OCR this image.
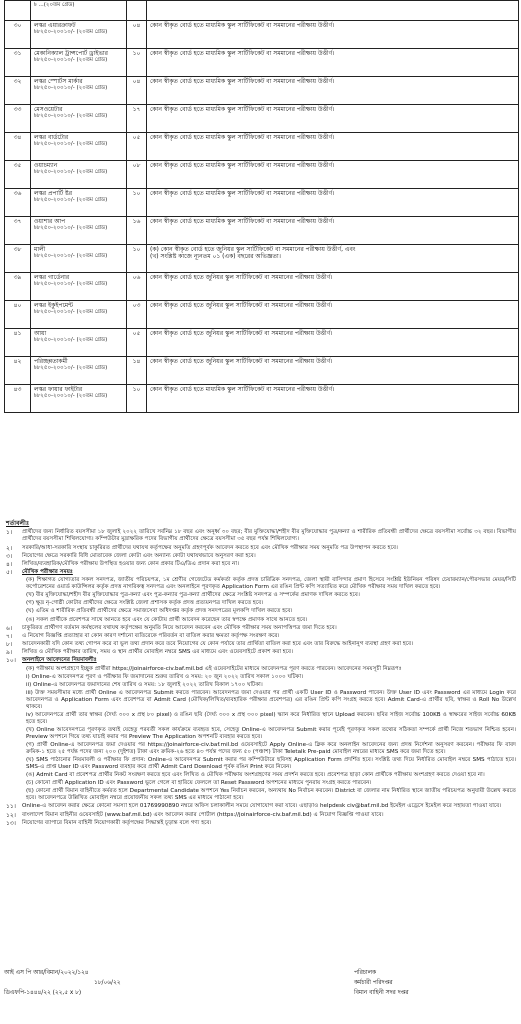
	৳ ...(২০তম গ্রেড)		

৩০	লস্কর এয়ারক্রাফট
৳৮২৫০-২০০১০/- (২০তম গ্রেড)	০৪	কোন স্বীকৃত বোর্ড হতে মাধ্যমিক স্কুল সার্টিফিকেট বা সমমানের পরীক্ষায় উত্তীর্ণ।

৩১	মেকানিক্যাল ট্রান্সপোর্ট ড্রাইভার
৳৮২৫০-২০০১০/- (২০তম গ্রেড)	১০	কোন স্বীকৃত বোর্ড হতে মাধ্যমিক স্কুল সার্টিফিকেট বা সমমানের পরীক্ষায় উত্তীর্ণ।

৩২	লস্কর স্পোর্টস মার্কার
৳৮২৫০-২০০১০/- (২০তম গ্রেড)	০৪	কোন স্বীকৃত বোর্ড হতে মাধ্যমিক স্কুল সার্টিফিকেট বা সমমানের পরীক্ষায় উত্তীর্ণ।

৩৩	মেসওয়েটার
৳৮২৫০-২০০১০/- (২০তম গ্রেড)	১৭	কোন স্বীকৃত বোর্ড হতে মাধ্যমিক স্কুল সার্টিফিকেট বা সমমানের পরীক্ষায় উত্তীর্ণ।

৩৪	লস্কর বার্ডটোর
৳৮২৫০-২০০১০/- (২০তম গ্রেড)	০৫	কোন স্বীকৃত বোর্ড হতে মাধ্যমিক স্কুল সার্টিফিকেট বা সমমানের পরীক্ষায় উত্তীর্ণ।

৩৫	ওয়াচম্যান
৳৮২৫০-২০০১০/- (২০তম গ্রেড)	০৮	কোন স্বীকৃত বোর্ড হতে মাধ্যমিক স্কুল সার্টিফিকেট বা সমমানের পরীক্ষায় উত্তীর্ণ।

৩৬	লস্কর প্রপার্টি ষ্টর
৳৮২৫০-২০০১০/- (২০তম গ্রেড)	১০	কোন স্বীকৃত বোর্ড হতে মাধ্যমিক স্কুল সার্টিফিকেট বা সমমানের পরীক্ষায় উত্তীর্ণ।

৩৭	ওয়াশার আপ
৳৮২৫০-২০০১০/- (২০তম গ্রেড)	১৬	কোন স্বীকৃত বোর্ড হতে মাধ্যমিক স্কুল সার্টিফিকেট বা সমমানের পরীক্ষায় উত্তীর্ণ।

৩৮	মালী
৳৮২৫০-২০০১০/- (২০তম গ্রেড)	১০	(ক) কোন স্বীকৃত বোর্ড হতে জুনিয়র স্কুল সার্টিফিকেট বা সমমানের পরীক্ষায় উত্তীর্ণ, এবং
(খ) সংশ্লিষ্ট কাজে ন্যূনতম ০১ (এক) বছরের অভিজ্ঞতা।

৩৯	লস্কর গার্ডেনার
৳৮২৫০-২০০১০/- (২০তম গ্রেড)	০৬	কোন স্বীকৃত বোর্ড হতে জুনিয়র স্কুল সার্টিফিকেট বা সমমানের পরীক্ষায় উত্তীর্ণ।

৪০	লস্কর ইকুইপমেন্ট
৳৮২৫০-২০০১০/- (২০তম গ্রেড)	০৩	কোন স্বীকৃত বোর্ড হতে জুনিয়র স্কুল সার্টিফিকেট বা সমমানের পরীক্ষায় উত্তীর্ণ।

৪১	আয়া
৳৮২৫০-২০০১০/- (২০তম গ্রেড)	০৫	কোন স্বীকৃত বোর্ড হতে জুনিয়র স্কুল সার্টিফিকেট বা সমমানের পরীক্ষায় উত্তীর্ণ।

৪২	পরিচ্ছন্নতাকর্মী
৳৮২৫০-২০০১০/- (২০তম গ্রেড)	১৪	কোন স্বীকৃত বোর্ড হতে জুনিয়র স্কুল সার্টিফিকেট বা সমমানের পরীক্ষায় উত্তীর্ণ।

৪৩	লস্কর ফায়ার ফাইটার
৳৮২৫০-২০০১০/- (২০তম গ্রেড)	১০	কোন স্বীকৃত বোর্ড হতে মাধ্যমিক স্কুল সার্টিফিকেট বা সমমানের পরীক্ষায় উত্তীর্ণ।
শর্তাবলীঃ
১।	প্রার্থীদের জন্য নির্ধারিত বয়সসীমা ১৮ জুলাই ২০২২ তারিখে সর্বনিম্ন ১৮ বছর এবং অনূর্ধ্ব ৩০ বছর; বীর মুক্তিযোদ্ধা/শহীদ বীর মুক্তিযোদ্ধার পুত্র/কন্যা ও শারীরিক প্রতিবন্ধী প্রার্থীদের ক্ষেত্রে বয়সসীমা সর্বোচ্চ ৩২ বছর। বিভাগীয় প্রার্থীদের বয়সসীমা শিথিলযোগ্য। কম্পিউটার মুদ্রাক্ষরিক পদের বিভাগীয় প্রার্থীদের ক্ষেত্রে বয়সসীমা ৩৫ বছর পর্যন্ত শিথিলযোগ্য।
২।	সরকারি/আধা-সরকারি সংস্থায় চাকুরিরত প্রার্থীদের যথাযথ কর্তৃপক্ষের অনুমতি গ্রহণপূর্বক আবেদন করতে হবে এবং মৌখিক পরীক্ষার সময় অনুমতি পত্র উপস্থাপন করতে হবে।
৩।	নিয়োগের ক্ষেত্রে সরকারি বিধি মোতাবেক জেলা কোটা এবং অন্যান্য কোটা যথাযথভাবে অনুসরণ করা হবে।
৪।	লিখিত/ব্যবহারিক/মৌখিক পরীক্ষায় উপস্থিত হওয়ার জন্য কোন প্রকার টিএ/ডিএ প্রদান করা হবে না।
৫।	মৌখিক পরীক্ষার সময়ঃ
(ক) শিক্ষাগত যোগ্যতার সকল সনদপত্র, জাতীয় পরিচয়পত্র, ১ম শ্রেণীর গেজেটেড কর্মকর্তা কর্তৃক প্রদত্ত চারিত্রিক সনদপত্র, জেলা স্থায়ী বাসিন্দার প্রমাণ হিসেবে সংশ্লিষ্ট ইউনিয়ন পরিষদ চেয়ারম্যান/পৌরসভার মেয়র/সিটি কর্পোরেশনের ওয়ার্ড কাউন্সিলর কর্তৃক প্রদত্ত নাগরিকত্ব সনদপত্র এবং অনলাইনে পূরণকৃত Application Form এর রঙিন প্রিন্ট কপি সত্যায়িত করে মৌখিক পরীক্ষার সময় দাখিল করতে হবে।
(খ) বীর মুক্তিযোদ্ধা/শহীদ বীর মুক্তিযোদ্ধার পুত্র-কন্যা এবং পুত্র-কন্যার পুত্র-কন্যা প্রার্থীদের ক্ষেত্রে সংশ্লিষ্ট সনদপত্র ও সম্পর্কের প্রমাণক দাখিল করতে হবে।
(গ) ক্ষুদ্র নৃ-গোষ্ঠী কোটার প্রার্থীদের ক্ষেত্রে সংশ্লিষ্ট জেলা প্রশাসক কর্তৃক প্রদত্ত প্রত্যয়নপত্র দাখিল করতে হবে।
(ঘ) এতিম ও শারীরিক প্রতিবন্ধী প্রার্থীদের ক্ষেত্রে সমাজসেবা অধিদপ্তর কর্তৃক প্রদত্ত সনদপত্রের মূলকপি দাখিল করতে হবে।
(ঙ) সকল প্রার্থীকে প্রবেশপত্র সাথে আনতে হবে এবং যে কোটায় প্রার্থী আবেদন করেছেন তার স্বপক্ষে প্রমাণক সাথে আনতে হবে।
৬।	চাকুরিরত প্রার্থীগণ বর্তমান কর্মস্থলের যথাযথ কর্তৃপক্ষের অনুমতি নিয়ে আবেদন করবেন এবং মৌখিক পরীক্ষার সময় অনাপত্তিপত্র জমা দিতে হবে।
৭।	এ নিয়োগ বিজ্ঞপ্তি প্রত্যাহার বা কোন কারণ দর্শানো ব্যতিরেকে পরিবর্তন বা বাতিল করার ক্ষমতা কর্তৃপক্ষ সংরক্ষণ করে।
৮।	আবেদনকারী যদি কোন তথ্য গোপন করে বা ভুল তথ্য প্রদান করে তবে নিয়োগের যে কোন পর্যায়ে তার প্রার্থিতা বাতিল করা হবে এবং তার বিরুদ্ধে আইনানুগ ব্যবস্থা গ্রহণ করা হবে।
৯।	লিখিত ও মৌখিক পরীক্ষার তারিখ, সময় ও স্থান প্রার্থীর মোবাইল নম্বরে SMS এর মাধ্যমে এবং ওয়েবসাইটে প্রকাশ করা হবে।
১০।	অনলাইনে আবেদনের নিয়মাবলীঃ
(ক) পরীক্ষায় অংশগ্রহণে ইচ্ছুক প্রার্থীরা https://joinairforce-civ.baf.mil.bd এই ওয়েবসাইটের মাধ্যমে আবেদনপত্র পূরণ করতে পারবেন। আবেদনের সময়সূচী নিম্নরূপঃ
i) Online-এ আবেদনপত্র পূরণ ও পরীক্ষার ফি জমাদানের শুরুর তারিখ ও সময়: ২০ জুন ২০২২ তারিখ সকাল ১০০০ ঘটিকা।
ii) Online-এ আবেদনপত্র জমাদানের শেষ তারিখ ও সময়: ১৮ জুলাই ২০২২ তারিখ বিকাল ১৭০০ ঘটিকা।
iii) উক্ত সময়সীমার মধ্যে প্রার্থী Online এ আবেদনপত্র Submit করতে পারবেন। আবেদনপত্র জমা দেওয়ার পর প্রার্থী একটি User ID ও Password পাবেন। উক্ত User ID এবং Password এর মাধ্যমে Login করে আবেদনপত্র ও Application Form এবং প্রবেশপত্র বা Admit Card (মৌখিক/লিখিত/ব্যবহারিক পরীক্ষার প্রবেশপত্র) এর রঙিন প্রিন্ট কপি সংগ্রহ করতে হবে। Admit Card-এ প্রার্থীর ছবি, স্বাক্ষর ও Roll No উল্লেখ থাকবে।
iv) আবেদনপত্রে প্রার্থী তার স্বাক্ষর (দৈর্ঘ্য ৩০০ x প্রস্থ ৮০ pixel) ও রঙিন ছবি (দৈর্ঘ্য ৩০০ x প্রস্থ ৩০০ pixel) স্ক্যান করে নির্ধারিত স্থানে Upload করবেন। ছবির সাইজ সর্বোচ্চ 100KB ও স্বাক্ষরের সাইজ সর্বোচ্চ 60KB হতে হবে।
(খ) Online আবেদনপত্রে পূরণকৃত তথ্যই যেহেতু পরবর্তী সকল কার্যক্রমে ব্যবহৃত হবে, সেহেতু Online-এ আবেদনপত্র Submit করার পূর্বেই পূরণকৃত সকল তথ্যের সঠিকতা সম্পর্কে প্রার্থী নিজে শতভাগ নিশ্চিত হবেন। Preview অপশনে গিয়ে তথ্য যাচাই করার পর Preview The Application অপশনটি ব্যবহার করতে হবে।
(গ) প্রার্থী Online-এ আবেদনপত্র জমা দেওয়ার পর https://joinairforce-civ.baf.mil.bd ওয়েবসাইটে Apply Online-এ ক্লিক করে অনলাইন আবেদনের জন্য প্রদত্ত নির্দেশনা অনুসরণ করবেন। পরীক্ষার ফি বাবদ ক্রমিক-১ হতে ২৫ পর্যন্ত পদের জন্য ২০০ (দুইশত) টাকা এবং ক্রমিক-২৬ হতে ৪৩ পর্যন্ত পদের জন্য ৫০ (পঞ্চাশ) টাকা Teletalk Pre-paid মোবাইল নম্বরের মাধ্যমে SMS করে জমা দিতে হবে।
(ঘ) SMS পাঠানোর নিয়মাবলী ও পরীক্ষার ফি প্রদান: Online-এ আবেদনপত্র Submit করার পর কম্পিউটারে ছবিসহ Application Form প্রদর্শিত হবে। সংশ্লিষ্ট তথ্য দিয়ে নির্ধারিত মোবাইল নম্বরে SMS পাঠাতে হবে। SMS-এ প্রাপ্ত User ID এবং Password ব্যবহার করে প্রার্থী Admit Card Download পূর্বক রঙিন Print করে নিবেন।
(ঙ) Admit Card বা প্রবেশপত্র প্রার্থীর নিকট সংরক্ষণ করতে হবে এবং লিখিত ও মৌখিক পরীক্ষায় অংশগ্রহণের সময় প্রদর্শন করতে হবে। প্রবেশপত্র ছাড়া কোন প্রার্থীকে পরীক্ষায় অংশগ্রহণ করতে দেওয়া হবে না।
(চ) কোনো প্রার্থী Application ID এবং Password ভুলে গেলে বা হারিয়ে ফেললে তা Reset Password অপশনের মাধ্যমে পুনরায় সংগ্রহ করতে পারবেন।
(ছ) কোনো প্রার্থী বিমান বাহিনীতে কর্মরত হলে Departmental Candidate অপশনে Yes নির্বাচন করবেন, অন্যথায় No নির্বাচন করবেন। District বা জেলার নাম নির্ধারিত স্থানে জাতীয় পরিচয়পত্র অনুযায়ী উল্লেখ করতে হবে। আবেদনপত্রে উল্লিখিত মোবাইল নম্বরে প্রয়োজনীয় সকল তথ্য SMS এর মাধ্যমে পাঠানো হবে।
১১।	Online-এ আবেদন করার ক্ষেত্রে কোনো সমস্যা হলে 01769990890 নম্বরে অফিস চলাকালীন সময়ে যোগাযোগ করা যাবে। এছাড়াও helpdesk civ@baf.mil.bd ইমেইল এড্রেসে ইমেইল করে সহায়তা পাওয়া যাবে।
১২।	বাংলাদেশ বিমান বাহিনীর ওয়েবসাইট (www.baf.mil.bd) এবং আবেদন করার পোর্টাল (https://joinairforce-civ.baf.mil.bd) এ নিয়োগ বিজ্ঞপ্তি পাওয়া যাবে।
১৩।	নিয়োগের ব্যাপারে বিমান বাহিনী নিয়োগকারী কর্তৃপক্ষের সিদ্ধান্তই চূড়ান্ত বলে গণ্য হবে।
আই এস পি আর/বিমান/২০২২/১২৪
১৮/০৬/২২
ডিএফপি-১৪৪৪/২২ (২২,৫ x ৮)
পরিচালক
কর্মচারী পরিদপ্তর
বিমান বাহিনী সদর দপ্তর
